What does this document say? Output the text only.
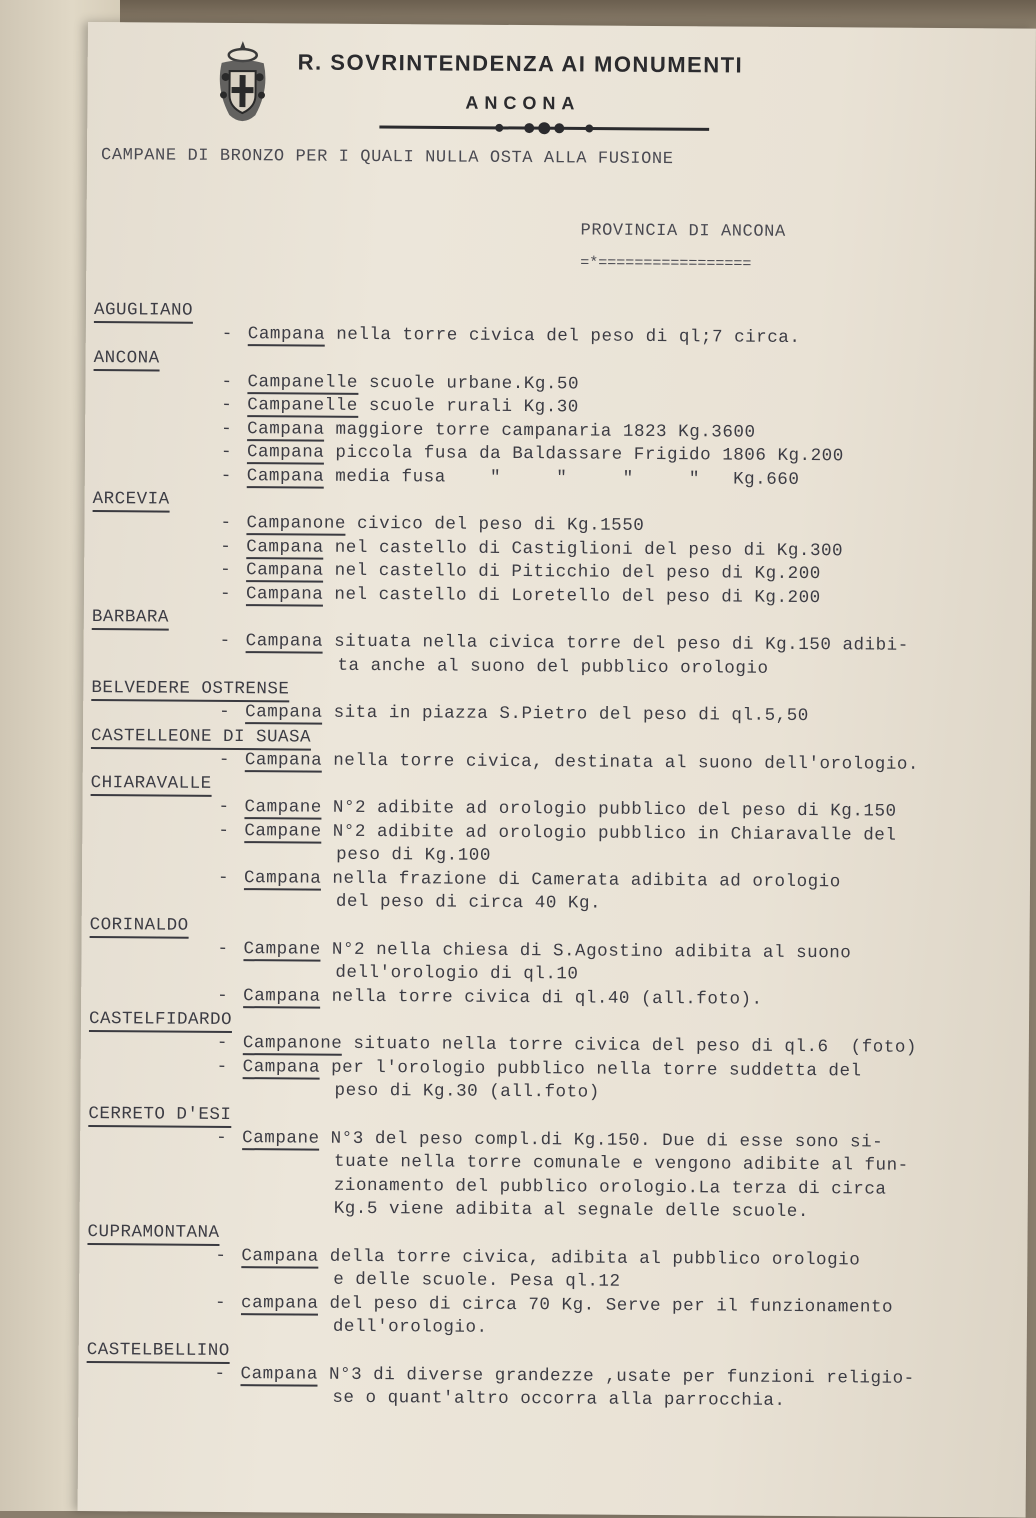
R. SOVRINTENDENZA AI MONUMENTI
ANCONA
CAMPANE DI BRONZO PER I QUALI NULLA OSTA ALLA FUSIONE
PROVINCIA DI ANCONA
=*=================
AGUGLIANO
- Campana nella torre civica del peso di ql;7 circa.
ANCONA
- Campanelle scuole urbane.Kg.50
- Campanelle scuole rurali Kg.30
- Campana maggiore torre campanaria 1823 Kg.3600
- Campana piccola fusa da Baldassare Frigido 1806 Kg.200
- Campana media fusa    "     "     "     "   Kg.660
ARCEVIA
- Campanone civico del peso di Kg.1550
- Campana nel castello di Castiglioni del peso di Kg.300
- Campana nel castello di Piticchio del peso di Kg.200
- Campana nel castello di Loretello del peso di Kg.200
BARBARA
- Campana situata nella civica torre del peso di Kg.150 adibi-
ta anche al suono del pubblico orologio
BELVEDERE OSTRENSE
- Campana sita in piazza S.Pietro del peso di ql.5,50
CASTELLEONE DI SUASA
- Campana nella torre civica, destinata al suono dell'orologio.
CHIARAVALLE
- Campane N°2 adibite ad orologio pubblico del peso di Kg.150
- Campane N°2 adibite ad orologio pubblico in Chiaravalle del
peso di Kg.100
- Campana nella frazione di Camerata adibita ad orologio
del peso di circa 40 Kg.
CORINALDO
- Campane N°2 nella chiesa di S.Agostino adibita al suono
dell'orologio di ql.10
- Campana nella torre civica di ql.40 (all.foto).
CASTELFIDARDO
- Campanone situato nella torre civica del peso di ql.6  (foto)
- Campana per l'orologio pubblico nella torre suddetta del
peso di Kg.30 (all.foto)
CERRETO D'ESI
- Campane N°3 del peso compl.di Kg.150. Due di esse sono si-
tuate nella torre comunale e vengono adibite al fun-
zionamento del pubblico orologio.La terza di circa
Kg.5 viene adibita al segnale delle scuole.
CUPRAMONTANA
- Campana della torre civica, adibita al pubblico orologio
e delle scuole. Pesa ql.12
- campana del peso di circa 70 Kg. Serve per il funzionamento
dell'orologio.
CASTELBELLINO
- Campana N°3 di diverse grandezze ,usate per funzioni religio-
se o quant'altro occorra alla parrocchia.
